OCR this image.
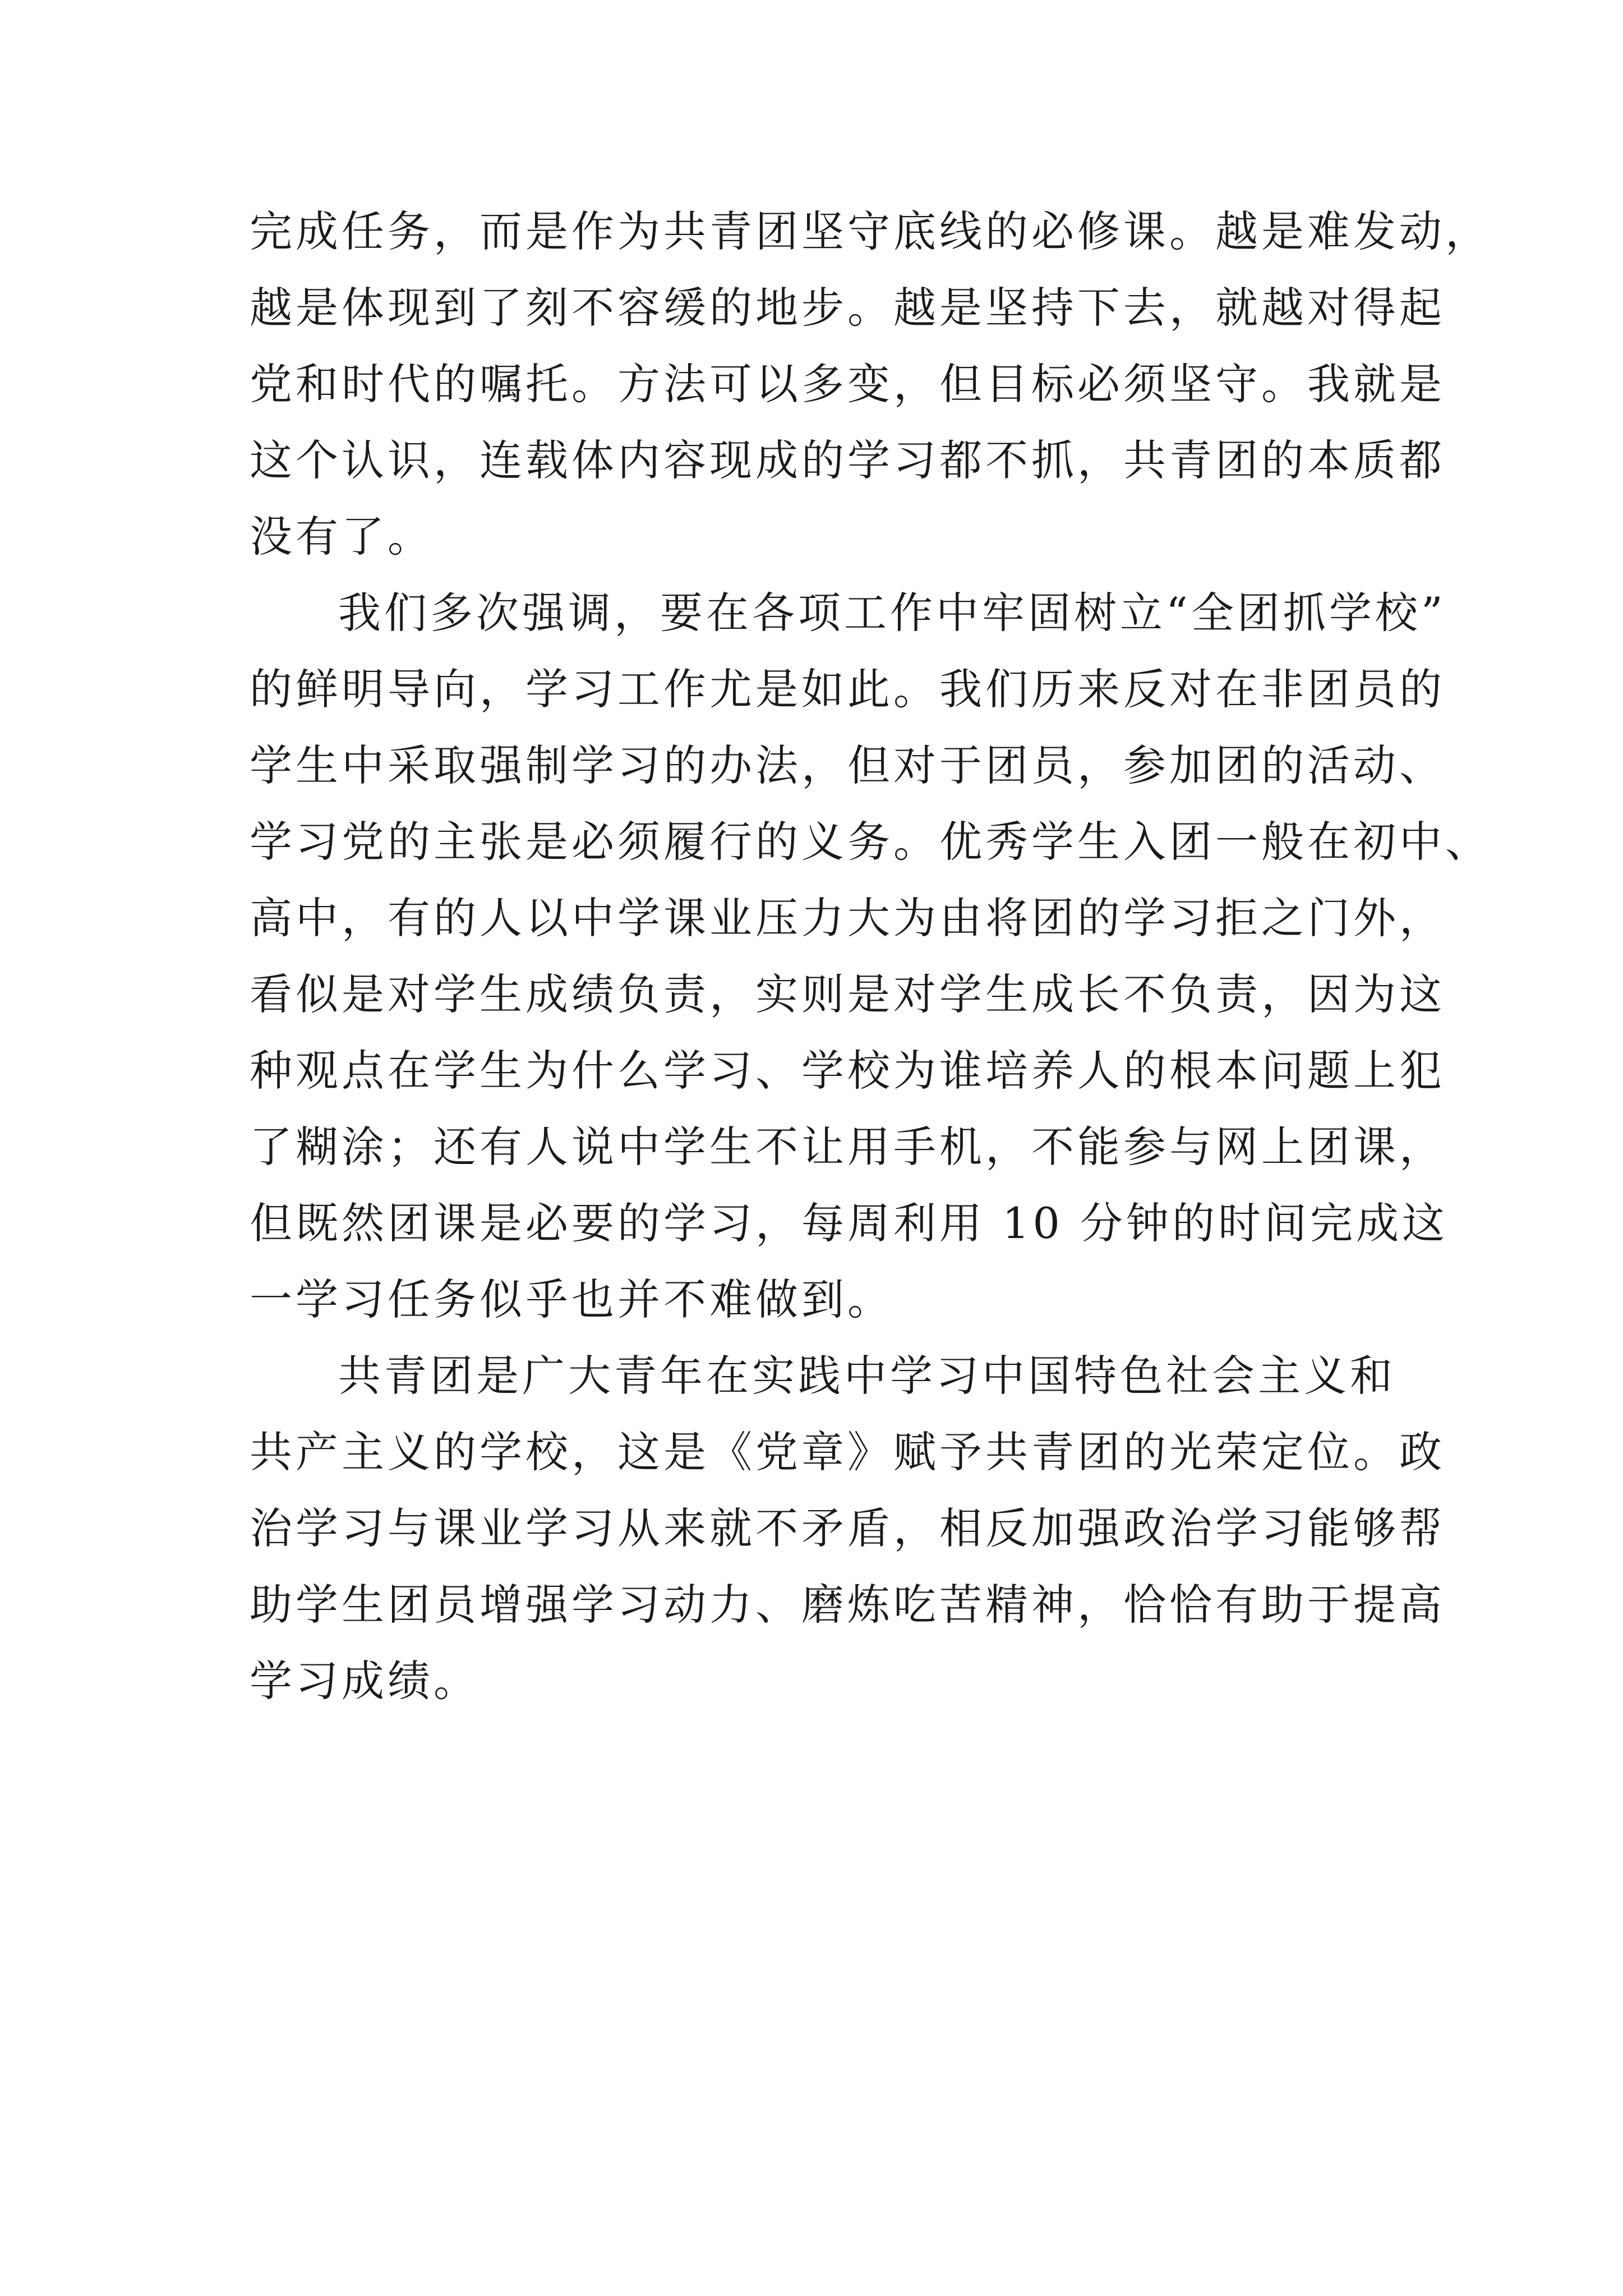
完成任务，而是作为共青团坚守底线的必修课。越是难发动，
越是体现到了刻不容缓的地步。越是坚持下去，就越对得起
党和时代的嘱托。方法可以多变，但目标必须坚守。我就是
这个认识，连载体内容现成的学习都不抓，共青团的本质都
没有了。
我们多次强调，要在各项工作中牢固树立“全团抓学校”
的鲜明导向，学习工作尤是如此。我们历来反对在非团员的
学生中采取强制学习的办法，但对于团员，参加团的活动、
学习党的主张是必须履行的义务。优秀学生入团一般在初中、
高中，有的人以中学课业压力大为由将团的学习拒之门外，
看似是对学生成绩负责，实则是对学生成长不负责，因为这
种观点在学生为什么学习、学校为谁培养人的根本问题上犯
了糊涂；还有人说中学生不让用手机，不能参与网上团课，
但既然团课是必要的学习，每周利用 10 分钟的时间完成这
一学习任务似乎也并不难做到。
共青团是广大青年在实践中学习中国特色社会主义和
共产主义的学校，这是《党章》赋予共青团的光荣定位。政
治学习与课业学习从来就不矛盾，相反加强政治学习能够帮
助学生团员增强学习动力、磨炼吃苦精神，恰恰有助于提高
学习成绩。
